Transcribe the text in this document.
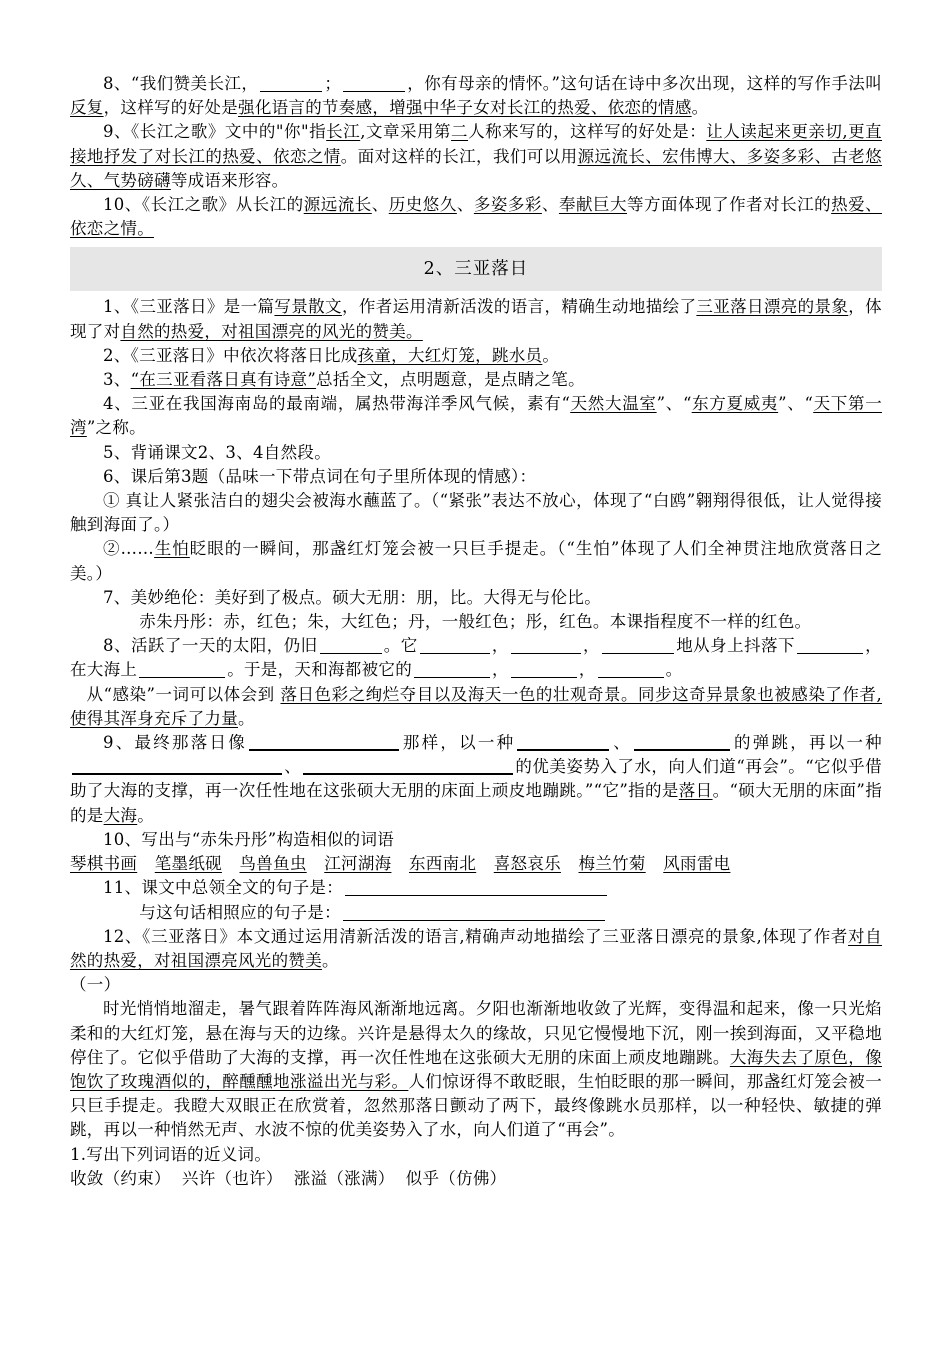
8、“我们赞美长江，	；	，你有母亲的情怀。”这句话在诗中多次出现，这样的写作手法叫反复，这样写的好处是强化语言的节奏感，增强中华子女对长江的热爱、依恋的情感。

9、《长江之歌》文中的"你"指长江,文章采用第二人称来写的，这样写的好处是：让人读起来更亲切,更直接地抒发了对长江的热爱、依恋之情。面对这样的长江，我们可以用源远流长、宏伟博大、多姿多彩、古老悠久、气势磅礴等成语来形容。

10、《长江之歌》从长江的源远流长、历史悠久、多姿多彩、奉献巨大等方面体现了作者对长江的热爱、依恋之情。

2、三亚落日

1、《三亚落日》是一篇写景散文，作者运用清新活泼的语言，精确生动地描绘了三亚落日漂亮的景象，体现了对自然的热爱，对祖国漂亮的风光的赞美。

2、《三亚落日》中依次将落日比成孩童，大红灯笼，跳水员。

3、“在三亚看落日真有诗意”总括全文，点明题意，是点睛之笔。

4、三亚在我国海南岛的最南端，属热带海洋季风气候，素有“天然大温室”、“东方夏威夷”、“天下第一湾”之称。

5、背诵课文2、3、4自然段。

6、课后第3题（品味一下带点词在句子里所体现的情感）：

① 真让人紧张洁白的翅尖会被海水蘸蓝了。（“紧张”表达不放心，体现了“白鸥”翱翔得很低，让人觉得接触到海面了。）

②……生怕眨眼的一瞬间，那盏红灯笼会被一只巨手提走。（“生怕”体现了人们全神贯注地欣赏落日之美。）

7、美妙绝伦：美好到了极点。硕大无朋：朋，比。大得无与伦比。

赤朱丹彤：赤，红色；朱，大红色；丹，一般红色；彤，红色。本课指程度不一样的红色。

8、活跃了一天的太阳，仍旧	。它	，	，	地从身上抖落下	，在大海上	。于是，天和海都被它的	，	，	。

从“感染”一词可以体会到 落日色彩之绚烂夺目以及海天一色的壮观奇景。同步这奇异景象也被感染了作者,使得其浑身充斥了力量。

9、最终那落日像	那样，以一种	、	的弹跳，再以一种、	的优美姿势入了水，向人们道“再会”。“它似乎借助了大海的支撑，再一次任性地在这张硕大无朋的床面上顽皮地蹦跳。”“它”指的是落日。“硕大无朋的床面”指的是大海。

10、写出与“赤朱丹彤”构造相似的词语

琴棋书画 笔墨纸砚 鸟兽鱼虫 江河湖海 东西南北 喜怒哀乐 梅兰竹菊 风雨雷电

11、课文中总领全文的句子是：

与这句话相照应的句子是：

12、《三亚落日》本文通过运用清新活泼的语言,精确声动地描绘了三亚落日漂亮的景象,体现了作者对自然的热爱，对祖国漂亮风光的赞美。

（一）

时光悄悄地溜走，暑气跟着阵阵海风渐渐地远离。夕阳也渐渐地收敛了光辉，变得温和起来，像一只光焰柔和的大红灯笼，悬在海与天的边缘。兴许是悬得太久的缘故，只见它慢慢地下沉，刚一挨到海面，又平稳地停住了。它似乎借助了大海的支撑，再一次任性地在这张硕大无朋的床面上顽皮地蹦跳。大海失去了原色，像饱饮了玫瑰酒似的，醉醺醺地涨溢出光与彩。人们惊讶得不敢眨眼，生怕眨眼的那一瞬间，那盏红灯笼会被一只巨手提走。我瞪大双眼正在欣赏着，忽然那落日颤动了两下，最终像跳水员那样，以一种轻快、敏捷的弹跳，再以一种悄然无声、水波不惊的优美姿势入了水，向人们道了“再会”。

1.写出下列词语的近义词。

收敛（约束）  兴许（也许）  涨溢（涨满）  似乎（仿佛）
